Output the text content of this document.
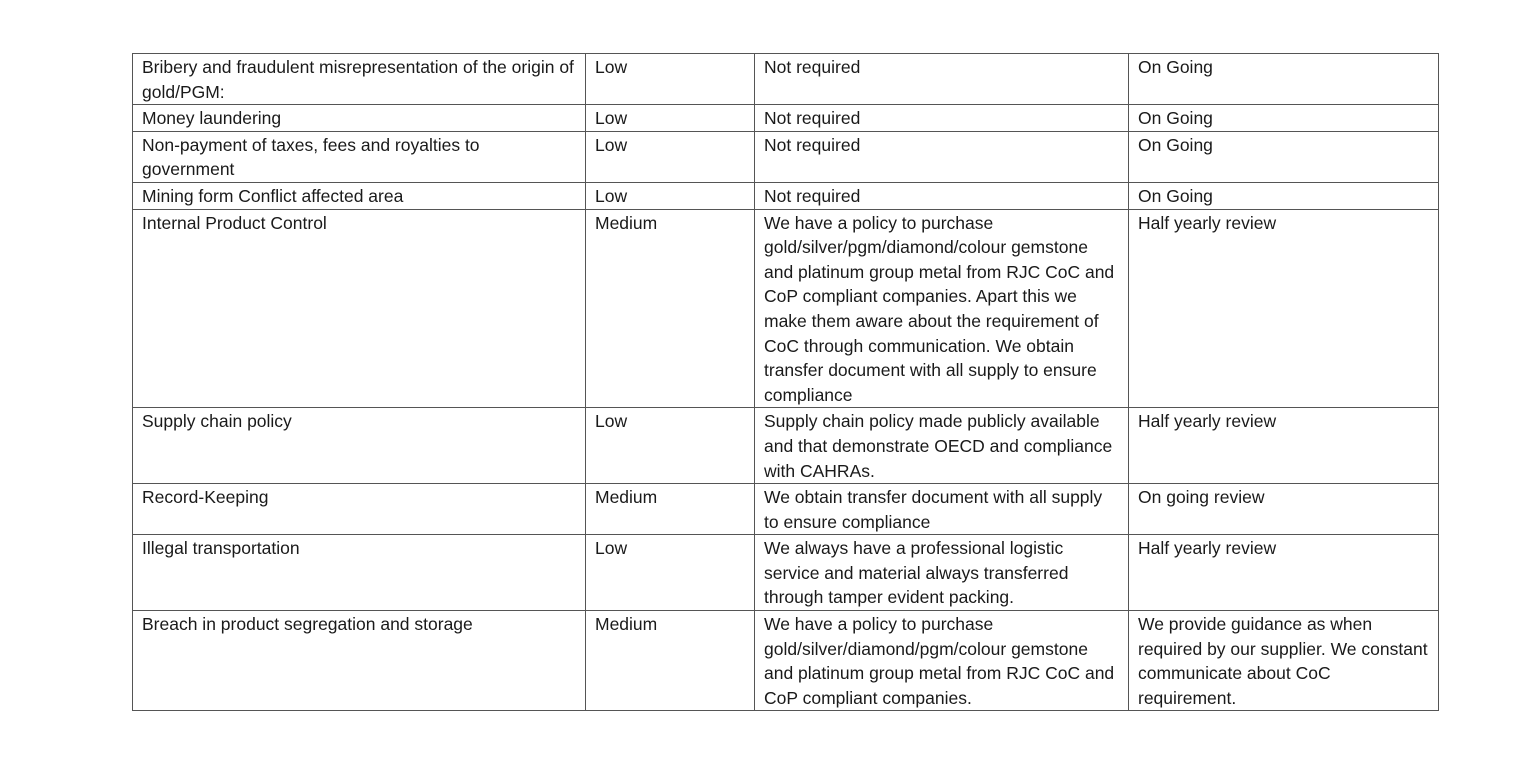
Bribery and fraudulent misrepresentation of the origin of gold/PGM:	Low	Not required	On Going
Money laundering	Low	Not required	On Going
Non-payment of taxes, fees and royalties to government	Low	Not required	On Going
Mining form Conflict affected area	Low	Not required	On Going
Internal Product Control	Medium	We have a policy to purchase gold/silver/pgm/diamond/colour gemstone and platinum group metal from RJC CoC and CoP compliant companies. Apart this we make them aware about the requirement of CoC through communication. We obtain transfer document with all supply to ensure compliance	Half yearly review
Supply chain policy	Low	Supply chain policy made publicly available and that demonstrate OECD and compliance with CAHRAs.	Half yearly review
Record-Keeping	Medium	We obtain transfer document with all supply to ensure compliance	On going review
Illegal transportation	Low	We always have a professional logistic service and material always transferred through tamper evident packing.	Half yearly review
Breach in product segregation and storage	Medium	We have a policy to purchase gold/silver/diamond/pgm/colour gemstone and platinum group metal from RJC CoC and CoP compliant companies.	We provide guidance as when required by our supplier. We constant communicate about CoC requirement.
